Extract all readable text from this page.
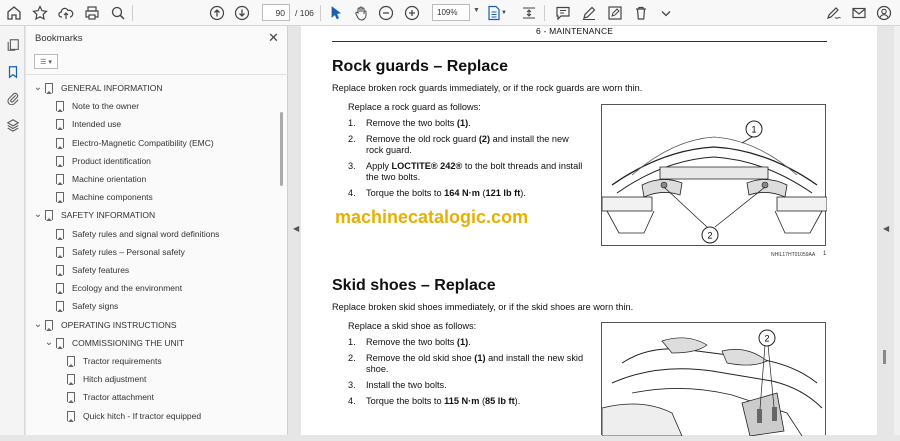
90	/ 106	109%	▼	▼
Bookmarks	✕
☰ ▾
⌄ GENERAL INFORMATION
Note to the owner
Intended use
Electro-Magnetic Compatibility (EMC)
Product identification
Machine orientation
Machine components
⌄ SAFETY INFORMATION
Safety rules and signal word definitions
Safety rules – Personal safety
Safety features
Ecology and the environment
Safety signs
⌄ OPERATING INSTRUCTIONS
⌄ COMMISSIONING THE UNIT
Tractor requirements
Hitch adjustment
Tractor attachment
Quick hitch - If tractor equipped
◀	◀
6 - MAINTENANCE
Rock guards – Replace
Replace broken rock guards immediately, or if the rock guards are worn thin.
Replace a rock guard as follows:
1. Remove the two bolts (1).
2. Remove the old rock guard (2) and install the new rock guard.
3. Apply LOCTITE® 242® to the bolt threads and install the two bolts.
4. Torque the bolts to 164 N·m (121 lb ft).
machinecatalogic.com
1
2
NHIL17HT01059AA 1
Skid shoes – Replace
Replace broken skid shoes immediately, or if the skid shoes are worn thin.
Replace a skid shoe as follows:
1. Remove the two bolts (1).
2. Remove the old skid shoe (1) and install the new skid shoe.
3. Install the two bolts.
4. Torque the bolts to 115 N·m (85 lb ft).
2
